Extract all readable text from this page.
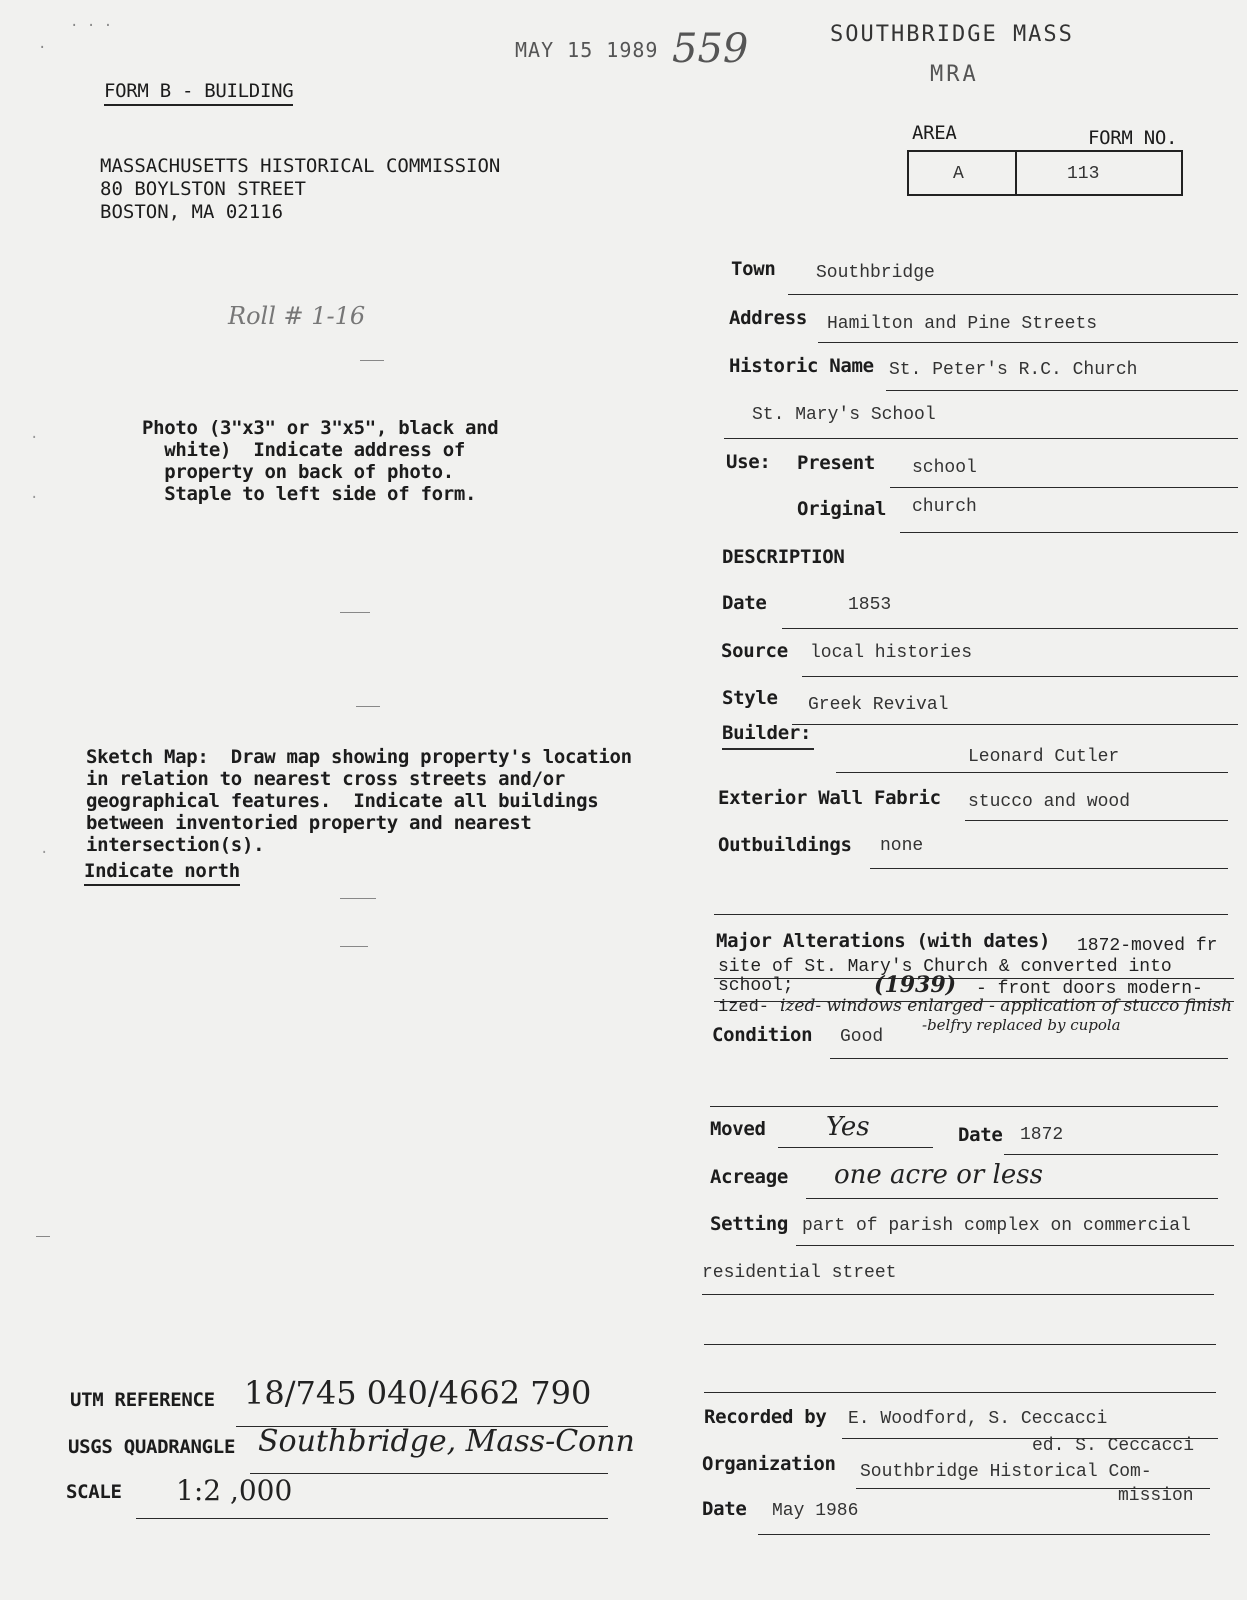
MAY 15 1989 559	SOUTHBRIDGE MASS
MRA
FORM B - BUILDING
MASSACHUSETTS HISTORICAL COMMISSION
80 BOYLSTON STREET
BOSTON, MA 02116
AREA	FORM NO.
A	113
Roll # 1-16
Photo (3"x3" or 3"x5", black and
white)  Indicate address of
property on back of photo.
Staple to left side of form.
Sketch Map:  Draw map showing property's location
in relation to nearest cross streets and/or
geographical features.  Indicate all buildings
between inventoried property and nearest
intersection(s).
Indicate north
Town Southbridge
Address Hamilton and Pine Streets
Historic Name St. Peter's R.C. Church
St. Mary's School
Use: Present school
Original church
DESCRIPTION
Date	1853
Source local histories
Style Greek Revival
Builder:
Leonard Cutler
Exterior Wall Fabric stucco and wood
Outbuildings none
Major Alterations (with dates) 1872-moved fr
site of St. Mary's Church & converted into
school;	(1939) - front doors modern-
ized- ized- windows enlarged - application of stucco finish
-belfry replaced by cupola
Condition Good
Moved Yes	Date 1872
Acreage one acre or less
Setting part of parish complex on commercial
residential street
Recorded by E. Woodford, S. Ceccacci
ed. S. Ceccacci
Organization Southbridge Historical Com-
mission
Date May 1986
UTM REFERENCE 18/745 040/4662 790
USGS QUADRANGLE Southbridge, Mass-Conn
SCALE 1:2 ,000
·
· · ·
·
·
·
